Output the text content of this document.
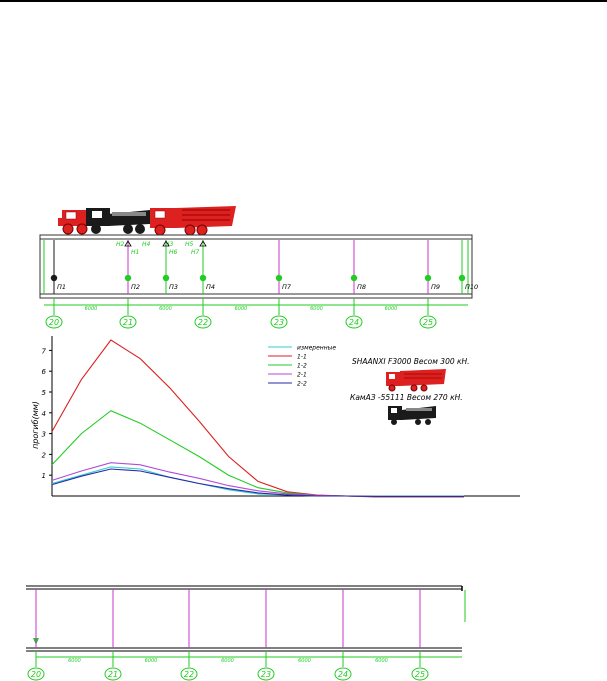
П1	П2	П3	П4	П7	П8	П9	П10
Н2
Н1
Н4 Н3
Н6
Н5
Н7
6000	6000	6000	6000	6000
20	21	22	23	24	25
1
2
3
4
5
6
7	измеренные
1-1
1-2
2-1
2-2
прогиб(мм)
SHAANXI F3000 Весом 300 кН.
КамАЗ -55111 Весом 270 кН.
6000	6000	6000	6000	6000
20	21	22	23	24	25
